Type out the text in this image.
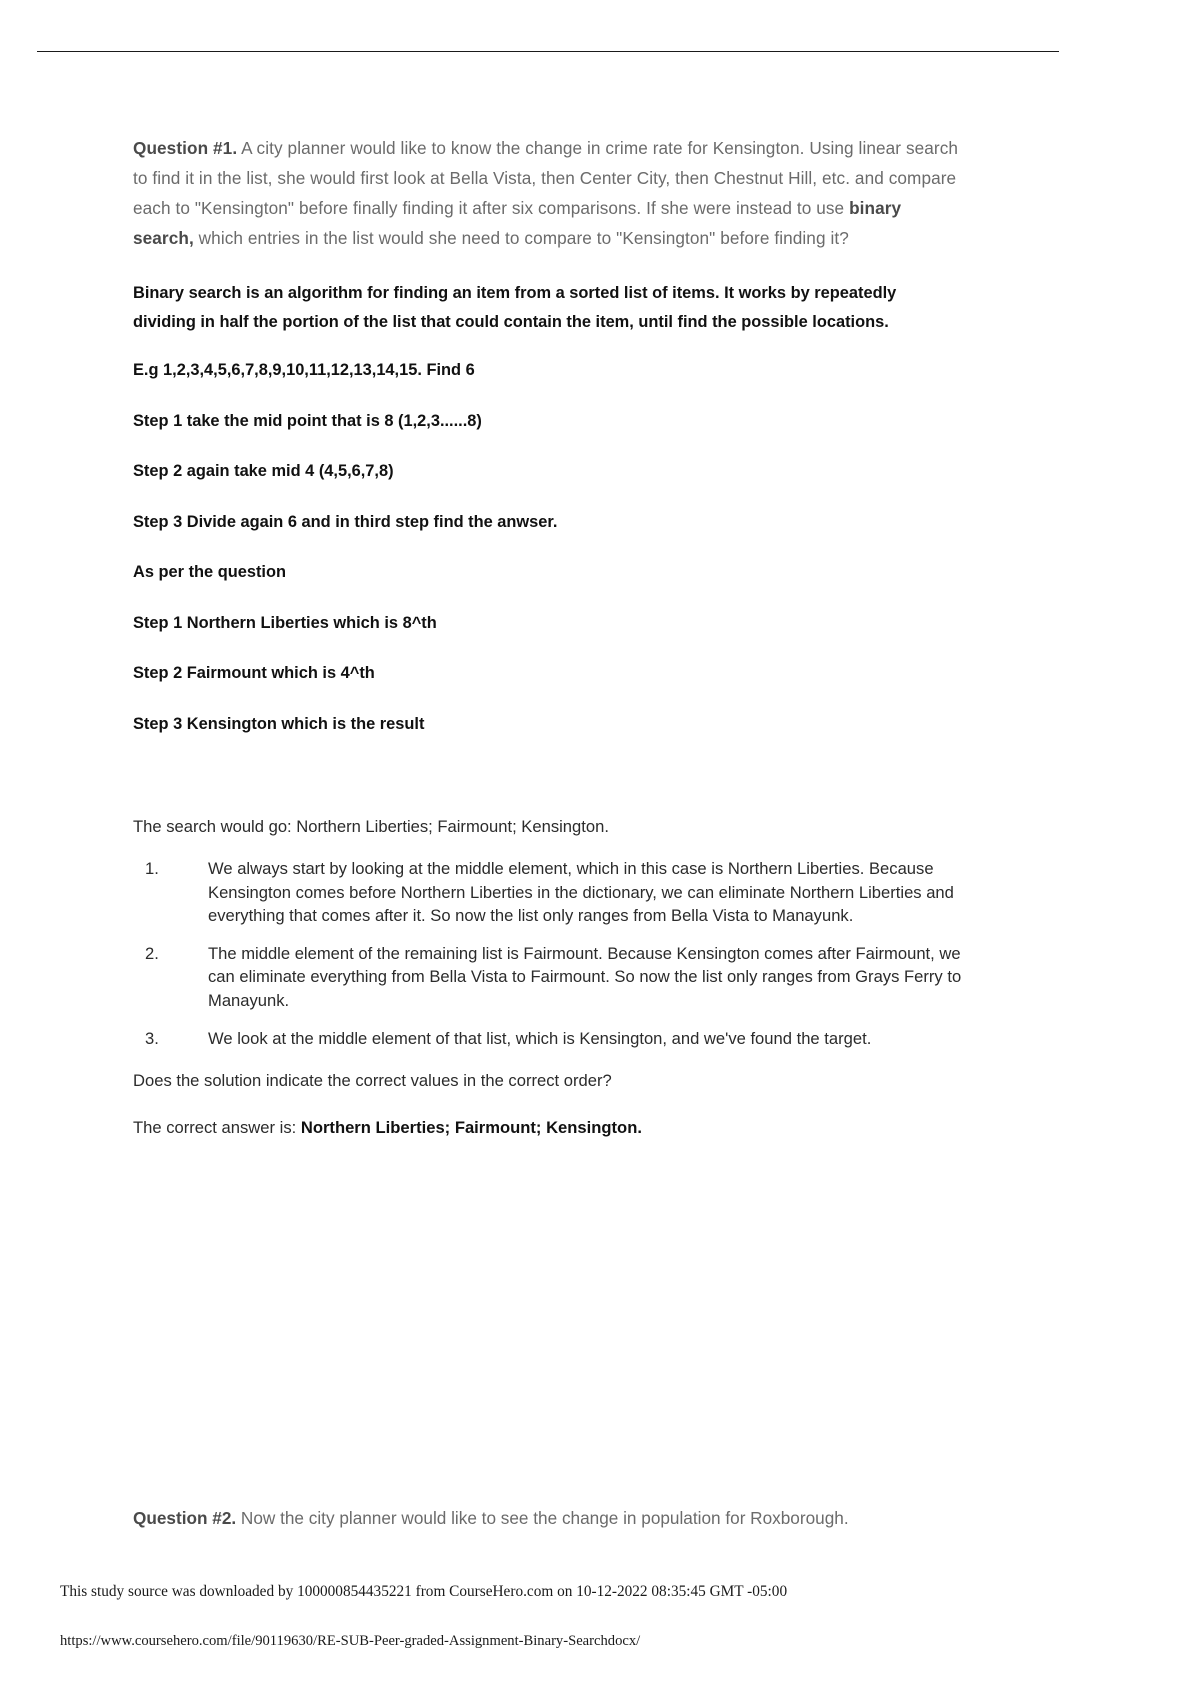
Question #1. A city planner would like to know the change in crime rate for Kensington. Using linear search to find it in the list, she would first look at Bella Vista, then Center City, then Chestnut Hill, etc. and compare each to "Kensington" before finally finding it after six comparisons. If she were instead to use binary search, which entries in the list would she need to compare to "Kensington" before finding it?

Binary search is an algorithm for finding an item from a sorted list of items. It works by repeatedly dividing in half the portion of the list that could contain the item, until find the possible locations.

E.g 1,2,3,4,5,6,7,8,9,10,11,12,13,14,15. Find 6

Step 1 take the mid point that is 8 (1,2,3......8)

Step 2 again take mid 4 (4,5,6,7,8)

Step 3 Divide again 6 and in third step find the anwser.

As per the question

Step 1 Northern Liberties which is 8^th

Step 2 Fairmount which is 4^th

Step 3 Kensington which is the result

The search would go: Northern Liberties; Fairmount; Kensington.

1.	We always start by looking at the middle element, which in this case is Northern Liberties. Because Kensington comes before Northern Liberties in the dictionary, we can eliminate Northern Liberties and everything that comes after it. So now the list only ranges from Bella Vista to Manayunk.
2.	The middle element of the remaining list is Fairmount. Because Kensington comes after Fairmount, we can eliminate everything from Bella Vista to Fairmount. So now the list only ranges from Grays Ferry to Manayunk.
3.	We look at the middle element of that list, which is Kensington, and we've found the target.

Does the solution indicate the correct values in the correct order?

The correct answer is: Northern Liberties; Fairmount; Kensington.

Question #2. Now the city planner would like to see the change in population for Roxborough.

This study source was downloaded by 100000854435221 from CourseHero.com on 10-12-2022 08:35:45 GMT -05:00
https://www.coursehero.com/file/90119630/RE-SUB-Peer-graded-Assignment-Binary-Searchdocx/
